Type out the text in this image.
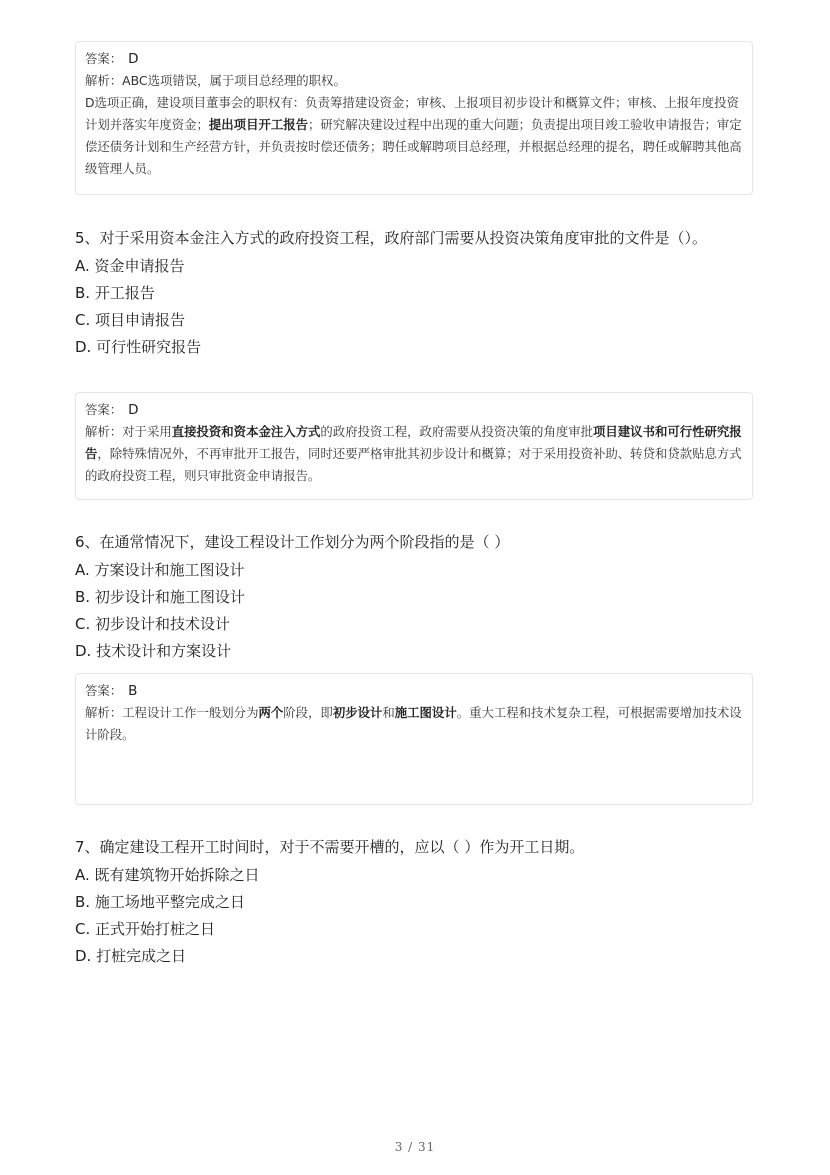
答案： D
解析：ABC选项错误，属于项目总经理的职权。
D选项正确，建设项目董事会的职权有：负责筹措建设资金；审核、上报项目初步设计和概算文件；审核、上报年度投资计划并落实年度资金；提出项目开工报告；研究解决建设过程中出现的重大问题；负责提出项目竣工验收申请报告；审定偿还债务计划和生产经营方针，并负责按时偿还债务；聘任或解聘项目总经理，并根据总经理的提名，聘任或解聘其他高级管理人员。

5、对于采用资本金注入方式的政府投资工程，政府部门需要从投资决策角度审批的文件是（）。

A. 资金申请报告

B. 开工报告

C. 项目申请报告

D. 可行性研究报告

答案： D
解析：对于采用直接投资和资本金注入方式的政府投资工程，政府需要从投资决策的角度审批项目建议书和可行性研究报告，除特殊情况外，不再审批开工报告，同时还要严格审批其初步设计和概算；对于采用投资补助、转贷和贷款贴息方式的政府投资工程，则只审批资金申请报告。

6、在通常情况下，建设工程设计工作划分为两个阶段指的是（ ）

A. 方案设计和施工图设计

B. 初步设计和施工图设计

C. 初步设计和技术设计

D. 技术设计和方案设计

答案： B
解析：工程设计工作一般划分为两个阶段，即初步设计和施工图设计。重大工程和技术复杂工程，可根据需要增加技术设计阶段。

7、确定建设工程开工时间时，对于不需要开槽的，应以（ ）作为开工日期。

A. 既有建筑物开始拆除之日

B. 施工场地平整完成之日

C. 正式开始打桩之日

D. 打桩完成之日

3 / 31
